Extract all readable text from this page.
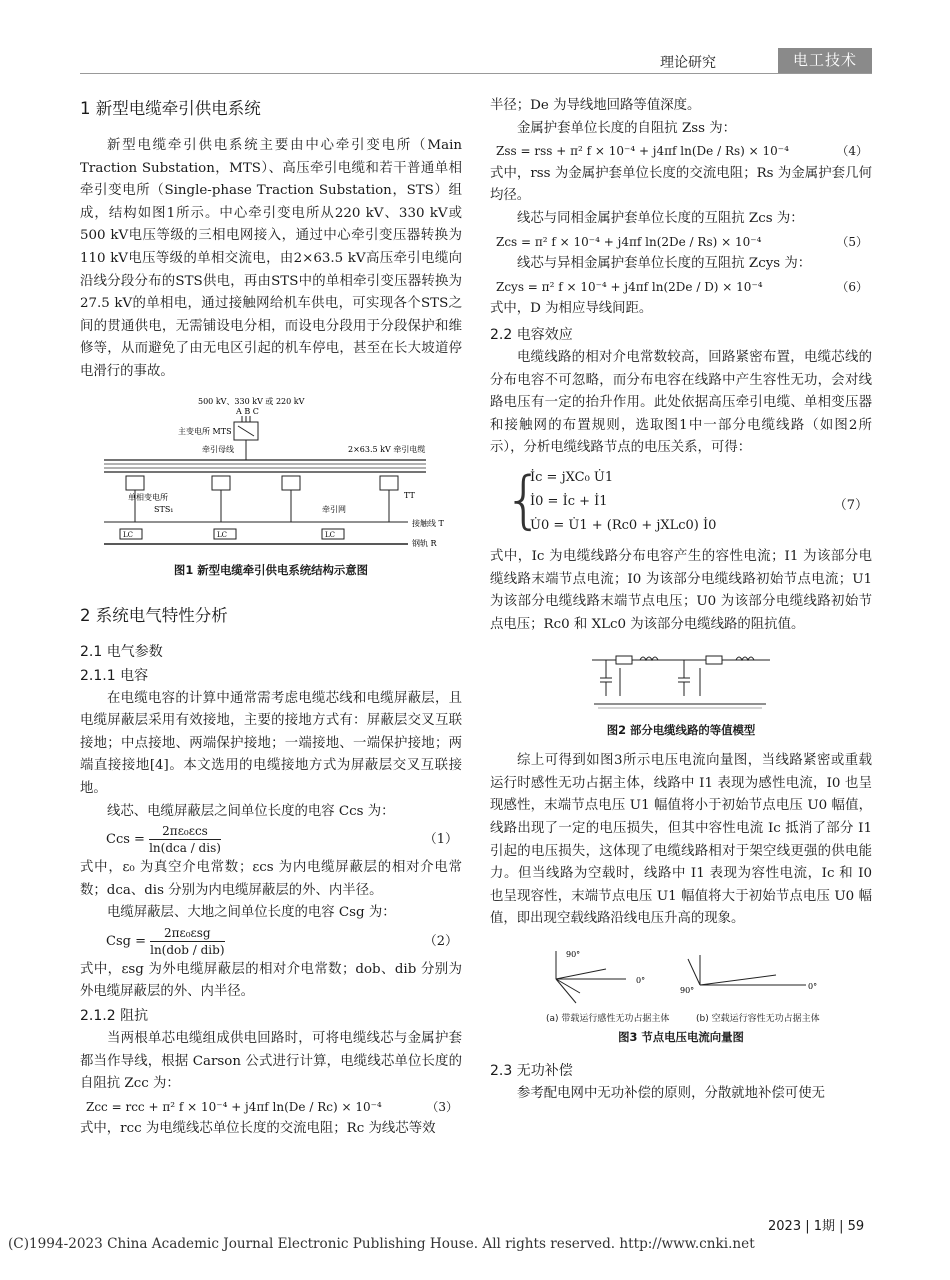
理论研究	电工技术
1 新型电缆牵引供电系统

新型电缆牵引供电系统主要由中心牵引变电所（Main Traction Substation，MTS）、高压牵引电缆和若干普通单相牵引变电所（Single-phase Traction Substation，STS）组成，结构如图1所示。中心牵引变电所从220 kV、330 kV或500 kV电压等级的三相电网接入，通过中心牵引变压器转换为110 kV电压等级的单相交流电，由2×63.5 kV高压牵引电缆向沿线分段分布的STS供电，再由STS中的单相牵引变压器转换为27.5 kV的单相电，通过接触网给机车供电，可实现各个STS之间的贯通供电，无需铺设电分相，而设电分段用于分段保护和维修等，从而避免了由无电区引起的机车停电，甚至在长大坡道停电滑行的事故。

500 kV、330 kV 或 220 kV
A B C
主变电所 MTS
牵引母线	2×63.5 kV 牵引电缆
单相变电所
STS₁	牵引网
TT
LC	LC	LC
接触线 T
钢轨 R
图1 新型电缆牵引供电系统结构示意图
2 系统电气特性分析
2.1 电气参数
2.1.1 电容

在电缆电容的计算中通常需考虑电缆芯线和电缆屏蔽层，且电缆屏蔽层采用有效接地，主要的接地方式有：屏蔽层交叉互联接地；中点接地、两端保护接地；一端接地、一端保护接地；两端直接接地[4]。本文选用的电缆接地方式为屏蔽层交叉互联接地。

线芯、电缆屏蔽层之间单位长度的电容 Ccs 为：

Ccs = $\frac{\text{2πε₀εcs}}{\text{ln(dca / dis)}}$	（1）

式中，ε₀ 为真空介电常数；εcs 为内电缆屏蔽层的相对介电常数；dca、dis 分别为内电缆屏蔽层的外、内半径。

电缆屏蔽层、大地之间单位长度的电容 Csg 为：

Csg = $\frac{\text{2πε₀εsg}}{\text{ln(dob / dib)}}$	（2）

式中，εsg 为外电缆屏蔽层的相对介电常数；dob、dib 分别为外电缆屏蔽层的外、内半径。

2.1.2 阻抗

当两根单芯电缆组成供电回路时，可将电缆线芯与金属护套都当作导线，根据 Carson 公式进行计算，电缆线芯单位长度的自阻抗 Zcc 为：

Zcc = rcc + π² f × 10⁻⁴ + j4πf ln(De / Rc) × 10⁻⁴	（3）

式中，rcc 为电缆线芯单位长度的交流电阻；Rc 为线芯等效

半径；De 为导线地回路等值深度。

金属护套单位长度的自阻抗 Zss 为：

Zss = rss + π² f × 10⁻⁴ + j4πf ln(De / Rs) × 10⁻⁴	（4）

式中，rss 为金属护套单位长度的交流电阻；Rs 为金属护套几何均径。

线芯与同相金属护套单位长度的互阻抗 Zcs 为：

Zcs = π² f × 10⁻⁴ + j4πf ln(2De / Rs) × 10⁻⁴	（5）

线芯与异相金属护套单位长度的互阻抗 Zcys 为：

Zcys = π² f × 10⁻⁴ + j4πf ln(2De / D) × 10⁻⁴	（6）

式中，D 为相应导线间距。

2.2 电容效应

电缆线路的相对介电常数较高，回路紧密布置，电缆芯线的分布电容不可忽略，而分布电容在线路中产生容性无功，会对线路电压有一定的抬升作用。此处依据高压牵引电缆、单相变压器和接触网的布置规则，选取图1中一部分电缆线路（如图2所示），分析电缆线路节点的电压关系，可得：

{
İc = jXC₀ U̇1
İ0 = İc + İ1
U̇0 = U̇1 + (Rc0 + jXLc0) İ0
（7）

式中，Ic 为电缆线路分布电容产生的容性电流；I1 为该部分电缆线路末端节点电流；I0 为该部分电缆线路初始节点电流；U1 为该部分电缆线路末端节点电压；U0 为该部分电缆线路初始节点电压；Rc0 和 XLc0 为该部分电缆线路的阻抗值。

图2 部分电缆线路的等值模型

综上可得到如图3所示电压电流向量图，当线路紧密或重载运行时感性无功占据主体，线路中 I1 表现为感性电流，I0 也呈现感性，末端节点电压 U1 幅值将小于初始节点电压 U0 幅值，线路出现了一定的电压损失，但其中容性电流 Ic 抵消了部分 I1 引起的电压损失，这体现了电缆线路相对于架空线更强的供电能力。但当线路为空载时，线路中 I1 表现为容性电流，Ic 和 I0 也呈现容性，末端节点电压 U1 幅值将大于初始节点电压 U0 幅值，即出现空载线路沿线电压升高的现象。

90°
0°
90°	0°
(a) 带载运行感性无功占据主体	(b) 空载运行容性无功占据主体
图3 节点电压电流向量图
2.3 无功补偿

参考配电网中无功补偿的原则，分散就地补偿可使无

2023 | 1期 | 59
(C)1994-2023 China Academic Journal Electronic Publishing House. All rights reserved. http://www.cnki.net
